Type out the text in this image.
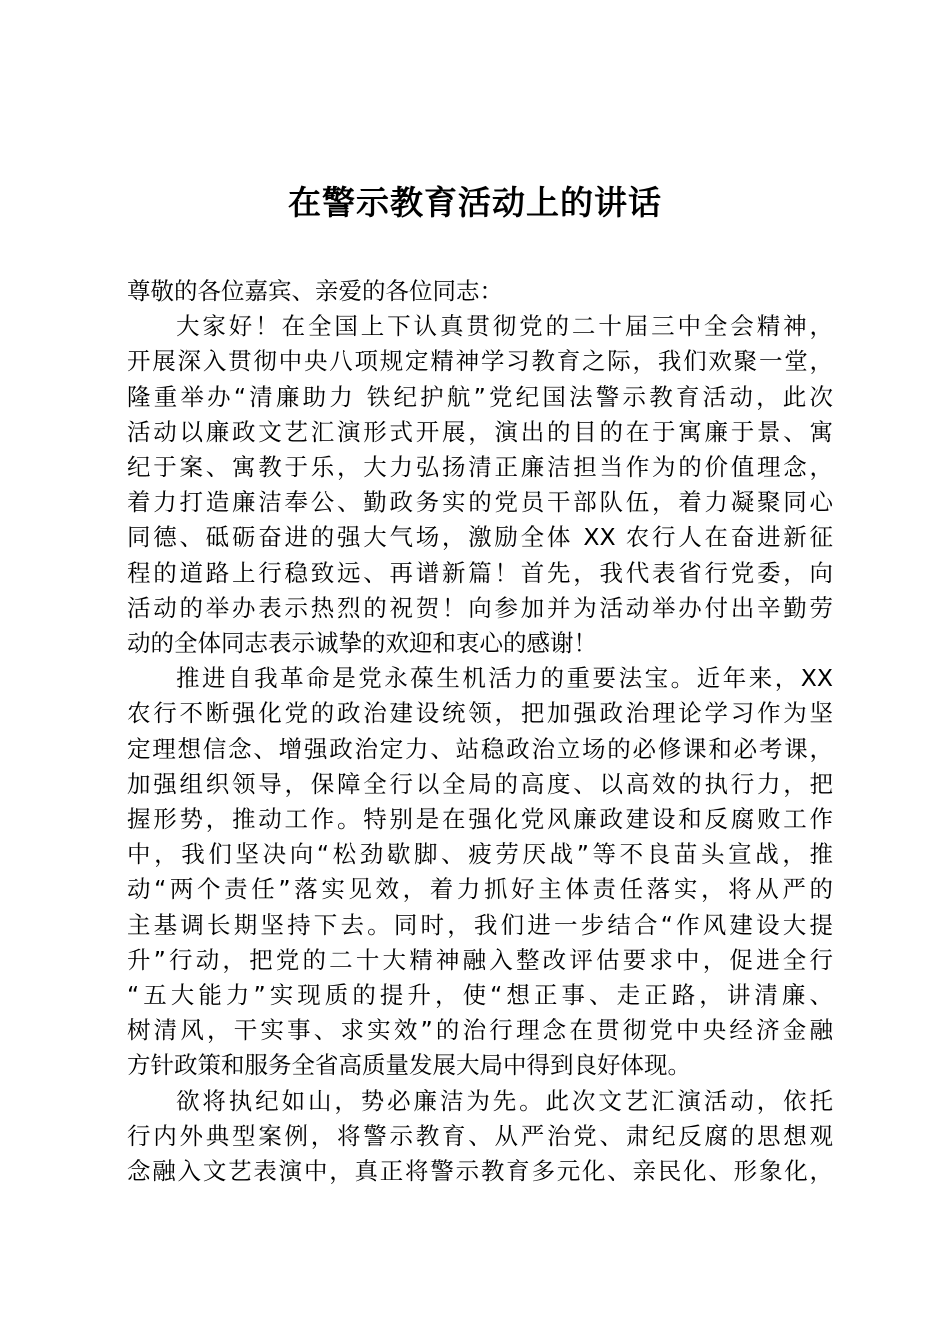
在警示教育活动上的讲话

尊敬的各位嘉宾、亲爱的各位同志：

大家好！在全国上下认真贯彻党的二十届三中全会精神，
开展深入贯彻中央八项规定精神学习教育之际，我们欢聚一堂，
隆重举办“清廉助力 铁纪护航”党纪国法警示教育活动，此次
活动以廉政文艺汇演形式开展，演出的目的在于寓廉于景、寓
纪于案、寓教于乐，大力弘扬清正廉洁担当作为的价值理念，
着力打造廉洁奉公、勤政务实的党员干部队伍，着力凝聚同心
同德、砥砺奋进的强大气场，激励全体 XX 农行人在奋进新征
程的道路上行稳致远、再谱新篇！首先，我代表省行党委，向
活动的举办表示热烈的祝贺！向参加并为活动举办付出辛勤劳
动的全体同志表示诚挚的欢迎和衷心的感谢！

推进自我革命是党永葆生机活力的重要法宝。近年来，XX
农行不断强化党的政治建设统领，把加强政治理论学习作为坚
定理想信念、增强政治定力、站稳政治立场的必修课和必考课，
加强组织领导，保障全行以全局的高度、以高效的执行力，把
握形势，推动工作。特别是在强化党风廉政建设和反腐败工作
中，我们坚决向“松劲歇脚、疲劳厌战”等不良苗头宣战，推
动“两个责任”落实见效，着力抓好主体责任落实，将从严的
主基调长期坚持下去。同时，我们进一步结合“作风建设大提
升”行动，把党的二十大精神融入整改评估要求中，促进全行
“五大能力”实现质的提升，使“想正事、走正路，讲清廉、
树清风，干实事、求实效”的治行理念在贯彻党中央经济金融
方针政策和服务全省高质量发展大局中得到良好体现。

欲将执纪如山，势必廉洁为先。此次文艺汇演活动，依托
行内外典型案例，将警示教育、从严治党、肃纪反腐的思想观
念融入文艺表演中，真正将警示教育多元化、亲民化、形象化，
